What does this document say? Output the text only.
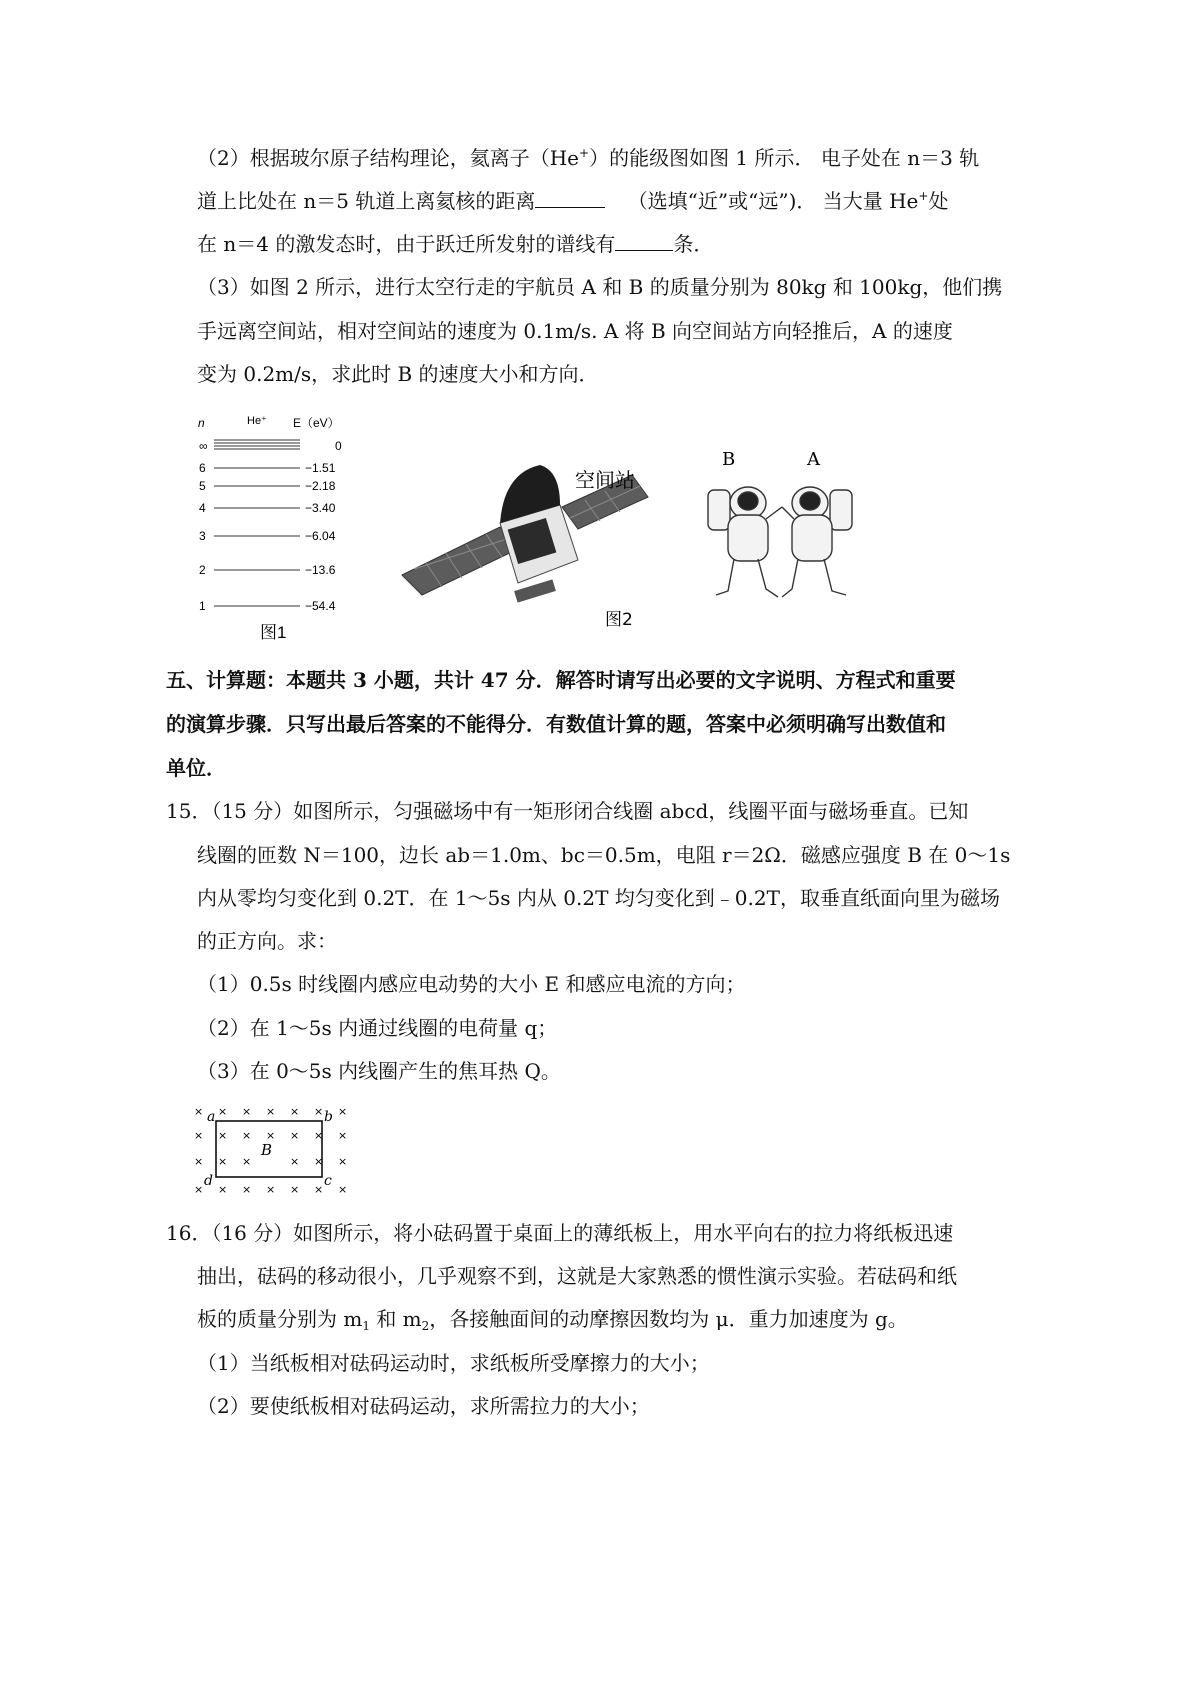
（2）根据玻尔原子结构理论，氦离子（He+）的能级图如图 1 所示． 电子处在 n＝3 轨
道上比处在 n＝5 轨道上离氦核的距离	（选填“近”或“远”)． 当大量 He+处
在 n＝4 的激发态时，由于跃迁所发射的谱线有	条．
（3）如图 2 所示，进行太空行走的宇航员 A 和 B 的质量分别为 80kg 和 100kg，他们携
手远离空间站，相对空间站的速度为 0.1m/s. A 将 B 向空间站方向轻推后，A 的速度
变为 0.2m/s，求此时 B 的速度大小和方向．
n	He⁺ E（eV）
∞	0
6	−1.51
5	−2.18
4	−3.40
3	−6.04
2	−13.6
1	−54.4
图1
空间站
图2
B	A
五、计算题：本题共 3 小题，共计 47 分．解答时请写出必要的文字说明、方程式和重要
的演算步骤．只写出最后答案的不能得分．有数值计算的题，答案中必须明确写出数值和
单位．
15．（15 分）如图所示，匀强磁场中有一矩形闭合线圈 abcd，线圈平面与磁场垂直。已知
线圈的匝数 N＝100，边长 ab＝1.0m、bc＝0.5m，电阻 r＝2Ω．磁感应强度 B 在 0～1s
内从零均匀变化到 0.2T．在 1～5s 内从 0.2T 均匀变化到﹣0.2T，取垂直纸面向里为磁场
的正方向。求：
（1）0.5s 时线圈内感应电动势的大小 E 和感应电流的方向；
（2）在 1～5s 内通过线圈的电荷量 q；
（3）在 0～5s 内线圈产生的焦耳热 Q。
× × × × × × ×
× × × × × × ×
× × ×	× × ×
× × × × × × ×
a	b
c
d
B
16．（16 分）如图所示，将小砝码置于桌面上的薄纸板上，用水平向右的拉力将纸板迅速
抽出，砝码的移动很小，几乎观察不到，这就是大家熟悉的惯性演示实验。若砝码和纸
板的质量分别为 $m_1$ 和 $m_2$，各接触面间的动摩擦因数均为 μ．重力加速度为 g。
（1）当纸板相对砝码运动时，求纸板所受摩擦力的大小；
（2）要使纸板相对砝码运动，求所需拉力的大小；
